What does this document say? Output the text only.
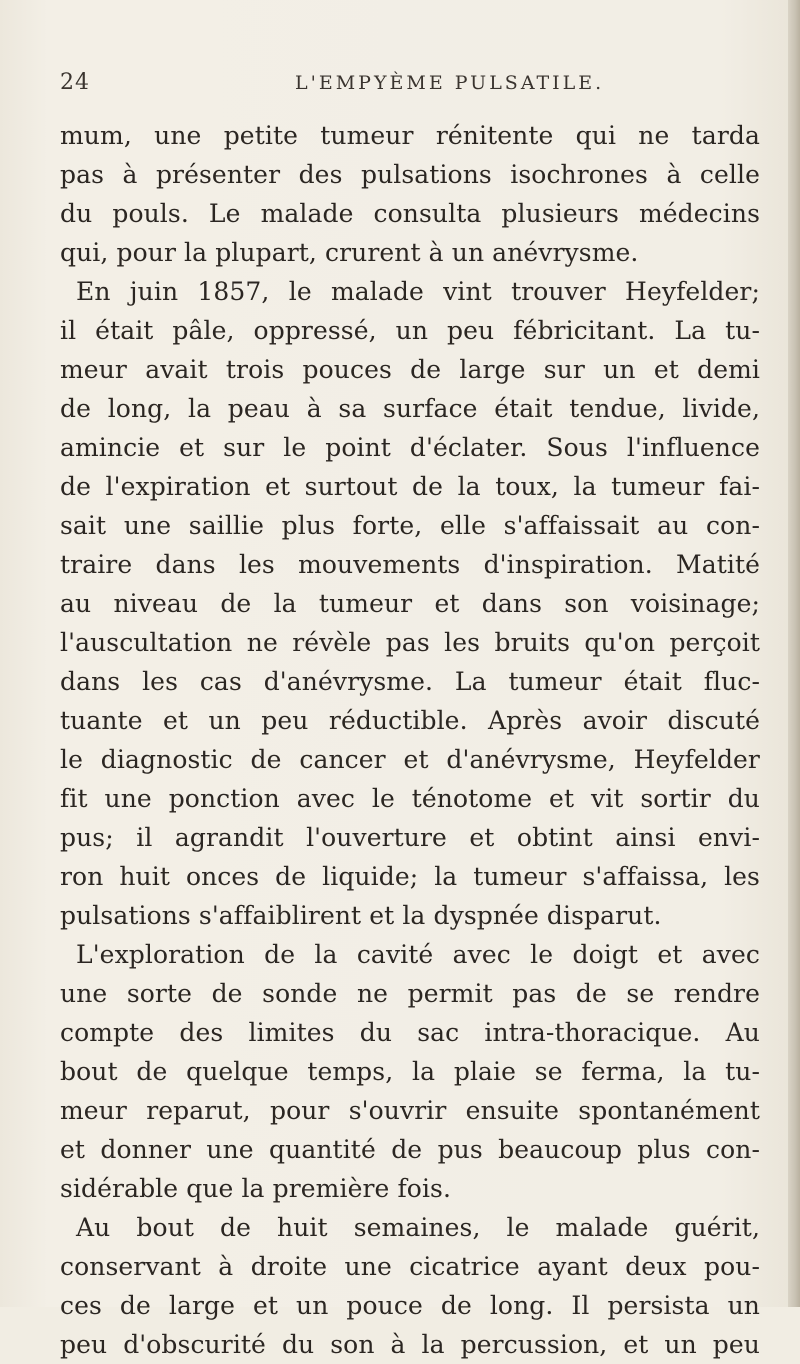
24	L'EMPYÈME PULSATILE.
mum, une petite tumeur rénitente qui ne tarda
pas à présenter des pulsations isochrones à celle
du pouls. Le malade consulta plusieurs médecins
qui, pour la plupart, crurent à un anévrysme.
En juin 1857, le malade vint trouver Heyfelder;
il était pâle, oppressé, un peu fébricitant. La tu-
meur avait trois pouces de large sur un et demi
de long, la peau à sa surface était tendue, livide,
amincie et sur le point d'éclater. Sous l'influence
de l'expiration et surtout de la toux, la tumeur fai-
sait une saillie plus forte, elle s'affaissait au con-
traire dans les mouvements d'inspiration. Matité
au niveau de la tumeur et dans son voisinage;
l'auscultation ne révèle pas les bruits qu'on perçoit
dans les cas d'anévrysme. La tumeur était fluc-
tuante et un peu réductible. Après avoir discuté
le diagnostic de cancer et d'anévrysme, Heyfelder
fit une ponction avec le ténotome et vit sortir du
pus; il agrandit l'ouverture et obtint ainsi envi-
ron huit onces de liquide; la tumeur s'affaissa, les
pulsations s'affaiblirent et la dyspnée disparut.
L'exploration de la cavité avec le doigt et avec
une sorte de sonde ne permit pas de se rendre
compte des limites du sac intra-thoracique. Au
bout de quelque temps, la plaie se ferma, la tu-
meur reparut, pour s'ouvrir ensuite spontanément
et donner une quantité de pus beaucoup plus con-
sidérable que la première fois.
Au bout de huit semaines, le malade guérit,
conservant à droite une cicatrice ayant deux pou-
ces de large et un pouce de long. Il persista un
peu d'obscurité du son à la percussion, et un peu
